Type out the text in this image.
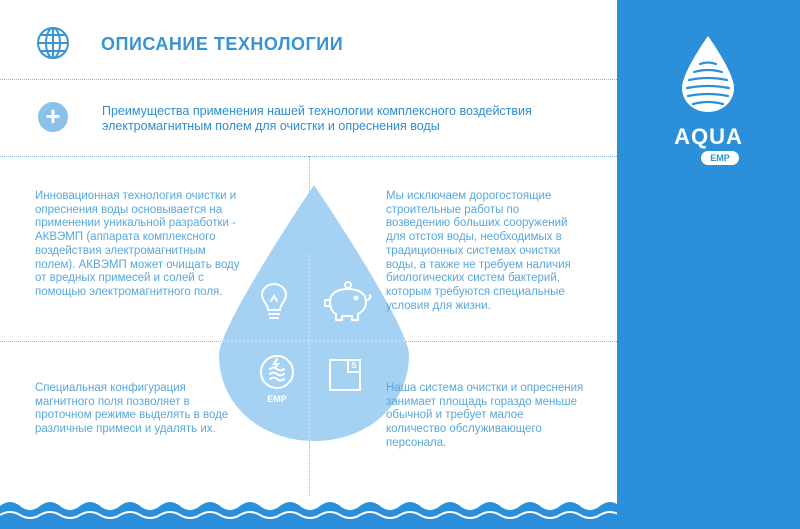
AQUA
EMP
ОПИСАНИЕ ТЕХНОЛОГИИ
+	Преимущества применения нашей технологии комплексного воздействия электромагнитным полем для очистки и опреснения воды
EMP
S
Инновационная технология очистки и опреснения воды основывается на применении уникальной разработки - АКВЭМП (аппарата комплексного воздействия электромагнитным полем). АКВЭМП может очищать воду от вредных примесей и солей с помощью электромагнитного поля.
Мы исключаем дорогостоящие строительные работы по возведению больших сооружений для отстоя воды, необходимых в традиционных системах очистки воды, а также не требуем наличия биологических систем бактерий, которым требуются специальные условия для жизни.
Специальная конфигурация магнитного поля позволяет в проточном режиме выделять в воде различные примеси и удалять их.
Наша система очистки и опреснения занимает площадь гораздо меньше обычной и требует малое количество обслуживающего персонала.
